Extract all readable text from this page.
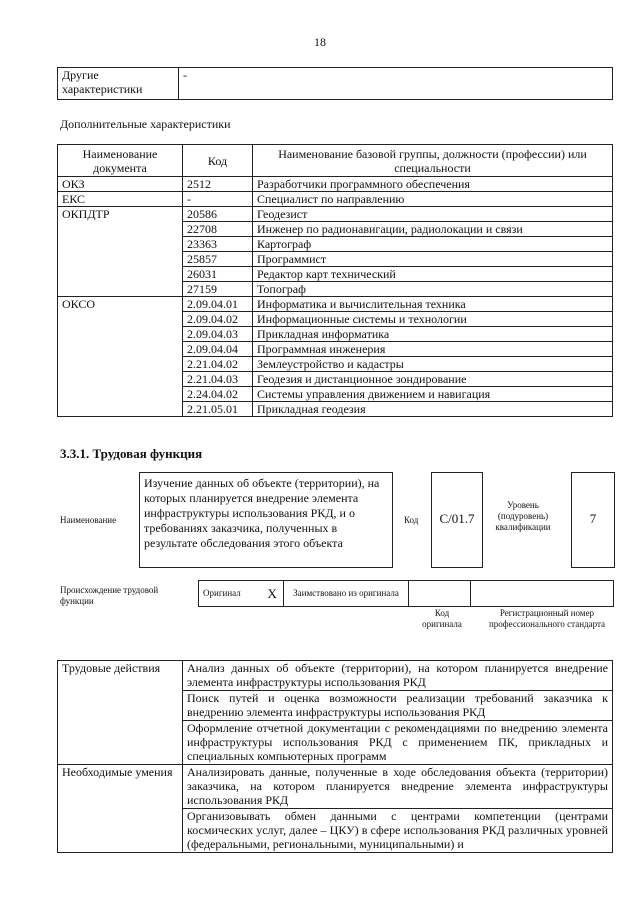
18
Другие характеристики	-
Дополнительные характеристики
Наименование документа	Код	Наименование базовой группы, должности (профессии) или специальности
ОКЗ	2512	Разработчики программного обеспечения
ЕКС	-	Специалист по направлению
ОКПДТР	20586	Геодезист
	22708	Инженер по радионавигации, радиолокации и связи
	23363	Картограф
	25857	Программист
	26031	Редактор карт технический
	27159	Топограф
ОКСО	2.09.04.01	Информатика и вычислительная техника
	2.09.04.02	Информационные системы и технологии
	2.09.04.03	Прикладная информатика
	2.09.04.04	Программная инженерия
	2.21.04.02	Землеустройство и кадастры
	2.21.04.03	Геодезия и дистанционное зондирование
	2.24.04.02	Системы управления движением и навигация
	2.21.05.01	Прикладная геодезия
3.3.1. Трудовая функция
Наименование
Изучение данных об объекте (территории), на которых планируется внедрение элемента инфраструктуры использования РКД, и о требованиях заказчика, полученных в результате обследования этого объекта
Код	C/01.7
Уровень (подуровень) квалификации
7
Происхождение трудовой функции
Оригинал	X	Заимствовано из оригинала		
Код оригинала
Регистрационный номер профессионального стандарта
Трудовые действия	Анализ данных об объекте (территории), на котором планируется внедрение элемента инфраструктуры использования РКД
	Поиск путей и оценка возможности реализации требований заказчика к внедрению элемента инфраструктуры использования РКД
	Оформление отчетной документации с рекомендациями по внедрению элемента инфраструктуры использования РКД с применением ПК, прикладных и специальных компьютерных программ
Необходимые умения	Анализировать данные, полученные в ходе обследования объекта (территории) заказчика, на котором планируется внедрение элемента инфраструктуры использования РКД
	Организовывать обмен данными с центрами компетенции (центрами космических услуг, далее – ЦКУ) в сфере использования РКД различных уровней (федеральными, региональными, муниципальными) и
